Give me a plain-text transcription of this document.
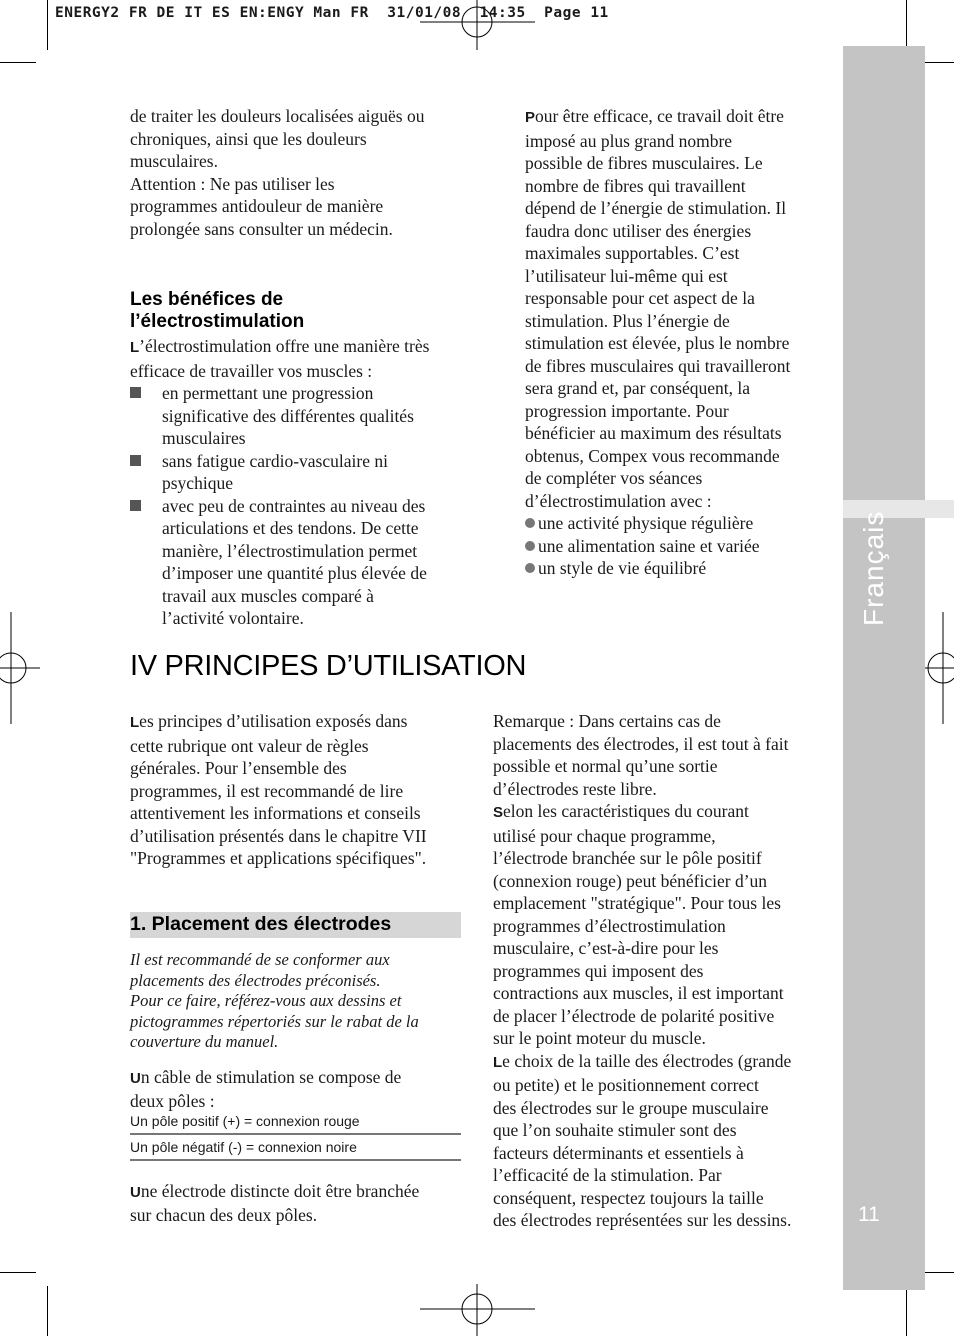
ENERGY2 FR DE IT ES EN:ENGY Man FR  31/01/08  14:35  Page 11
Français
11
de traiter les douleurs localisées aiguës ou
chroniques, ainsi que les douleurs
musculaires.
Attention : Ne pas utiliser les
programmes antidouleur de manière
prolongée sans consulter un médecin.
Les bénéfices de
l’électrostimulation
L’électrostimulation offre une manière très
efficace de travailler vos muscles :
en permettant une progression
significative des différentes qualités
musculaires
sans fatigue cardio-vasculaire ni
psychique
avec peu de contraintes au niveau des
articulations et des tendons. De cette
manière, l’électrostimulation permet
d’imposer une quantité plus élevée de
travail aux muscles comparé à
l’activité volontaire.
Pour être efficace, ce travail doit être
imposé au plus grand nombre
possible de fibres musculaires. Le
nombre de fibres qui travaillent
dépend de l’énergie de stimulation. Il
faudra donc utiliser des énergies
maximales supportables. C’est
l’utilisateur lui-même qui est
responsable pour cet aspect de la
stimulation. Plus l’énergie de
stimulation est élevée, plus le nombre
de fibres musculaires qui travailleront
sera grand et, par conséquent, la
progression importante. Pour
bénéficier au maximum des résultats
obtenus, Compex vous recommande
de compléter vos séances
d’électrostimulation avec :
une activité physique régulière
une alimentation saine et variée
un style de vie équilibré
IV PRINCIPES D’UTILISATION
Les principes d’utilisation exposés dans
cette rubrique ont valeur de règles
générales. Pour l’ensemble des
programmes, il est recommandé de lire
attentivement les informations et conseils
d’utilisation présentés dans le chapitre VII
"Programmes et applications spécifiques".
1. Placement des électrodes
Il est recommandé de se conformer aux
placements des électrodes préconisés.
Pour ce faire, référez-vous aux dessins et
pictogrammes répertoriés sur le rabat de la
couverture du manuel.
Un câble de stimulation se compose de
deux pôles :
Un pôle positif (+) = connexion rouge
Un pôle négatif (-) = connexion noire
Une électrode distincte doit être branchée
sur chacun des deux pôles.
Remarque : Dans certains cas de
placements des électrodes, il est tout à fait
possible et normal qu’une sortie
d’électrodes reste libre.
Selon les caractéristiques du courant
utilisé pour chaque programme,
l’électrode branchée sur le pôle positif
(connexion rouge) peut bénéficier d’un
emplacement "stratégique". Pour tous les
programmes d’électrostimulation
musculaire, c’est-à-dire pour les
programmes qui imposent des
contractions aux muscles, il est important
de placer l’électrode de polarité positive
sur le point moteur du muscle.
Le choix de la taille des électrodes (grande
ou petite) et le positionnement correct
des électrodes sur le groupe musculaire
que l’on souhaite stimuler sont des
facteurs déterminants et essentiels à
l’efficacité de la stimulation. Par
conséquent, respectez toujours la taille
des électrodes représentées sur les dessins.
